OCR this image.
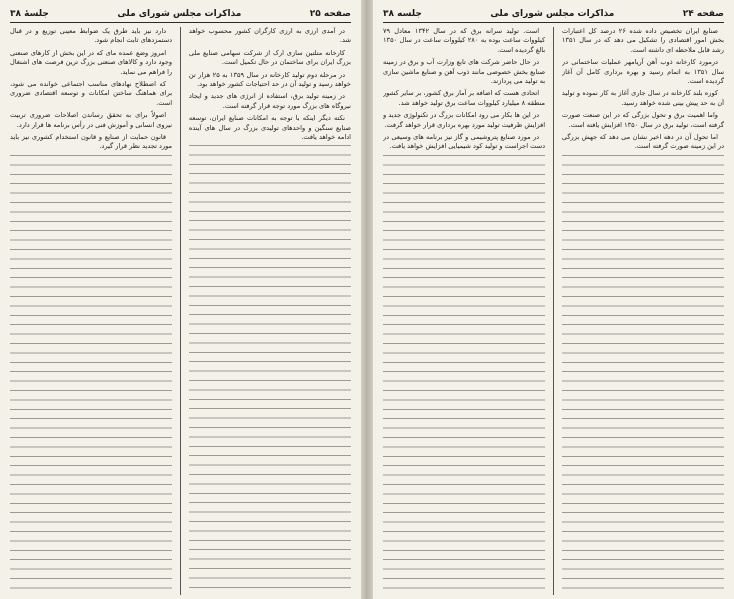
صفحه ۲۵
مذاکرات مجلس شورای ملی
جلسهٔ ۳۸

در آمدی ارزی به ارزی کارگران کشور محسوب خواهد شد.

کارخانه متلتین سازی ارک از شرکت سهامی صنایع ملی بزرگ ایران برای ساختمان در حال تکمیل است.

در مرحله دوم تولید کارخانه در سال ۱۳۵۹ به ۲۵ هزار تن خواهد رسید و تولید آن در حد احتیاجات کشور خواهد بود.

در زمینه تولید برق، استفاده از انرژی های جدید و ایجاد نیروگاه های بزرگ مورد توجه قرار گرفته است.

نکته دیگر اینکه با توجه به امکانات صنایع ایران، توسعه صنایع سنگین و واحدهای تولیدی بزرگ در سال های آینده ادامه خواهد یافت.

دارد نیز باید طرق یک ضوابط معینی توزیع و در قبال دستمزدهای ثابت انجام شود.

امروز وضع عمده مای که در این بخش از کارهای صنعتی وجود دارد و کالاهای صنعتی بزرگ ترین فرصت های اشتغال را فراهم می نماید.

که اصطلاح نهادهای مناسب اجتماعی خوانده می شود، برای هماهنگ ساختن امکانات و توسعه اقتصادی ضروری است.

اصولاً برای به تحقق رساندن اصلاحات ضروری تربیت نیروی انسانی و آموزش فنی در رأس برنامه ها قرار دارد.

قانون حمایت از صنایع و قانون استخدام کشوری نیز باید مورد تجدید نظر قرار گیرد.

صفحه ۲۴
مذاکرات مجلس شورای ملی
جلسه ۳۸

صنایع ایران تخصیص داده شده ۲۶ درصد کل اعتبارات بخش امور اقتصادی را تشکیل می دهد که در سال ۱۳۵۱ رشد قابل ملاحظه ای داشته است.

درمورد کارخانه ذوب آهن آریامهر عملیات ساختمانی در سال ۱۳۵۱ به اتمام رسید و بهره برداری کامل آن آغاز گردیده است.

کوره بلند کارخانه در سال جاری آغاز به کار نموده و تولید آن به حد پیش بینی شده خواهد رسید.

واما اهمیت برق و تحول بزرگی که در این صنعت صورت گرفته است، تولید برق در سال ۱۳۵۰ افزایش یافته است.

اما تحول آن در دهه اخیر نشان می دهد که جهش بزرگی در این زمینه صورت گرفته است.

است. تولید سرانه برق که در سال ۱۳۴۲ معادل ۷۹ کیلووات ساعت بوده به ۲۸۰ کیلووات ساعت در سال ۱۳۵۰ بالغ گردیده است.

در حال حاضر شرکت های تابع وزارت آب و برق در زمینه صنایع بخش خصوصی مانند ذوب آهن و صنایع ماشین سازی به تولید می پردازند.

اتحادی هست که اضافه بر آمار برق کشور، بر سایر کشور منطقه ۸ میلیارد کیلووات ساعت برق تولید خواهد شد.

در این ها بکار می رود امکانات بزرگ در تکنولوژی جدید و افزایش ظرفیت تولید مورد بهره برداری قرار خواهد گرفت.

در مورد صنایع پتروشیمی و گاز نیز برنامه های وسیعی در دست اجراست و تولید کود شیمیایی افزایش خواهد یافت.
